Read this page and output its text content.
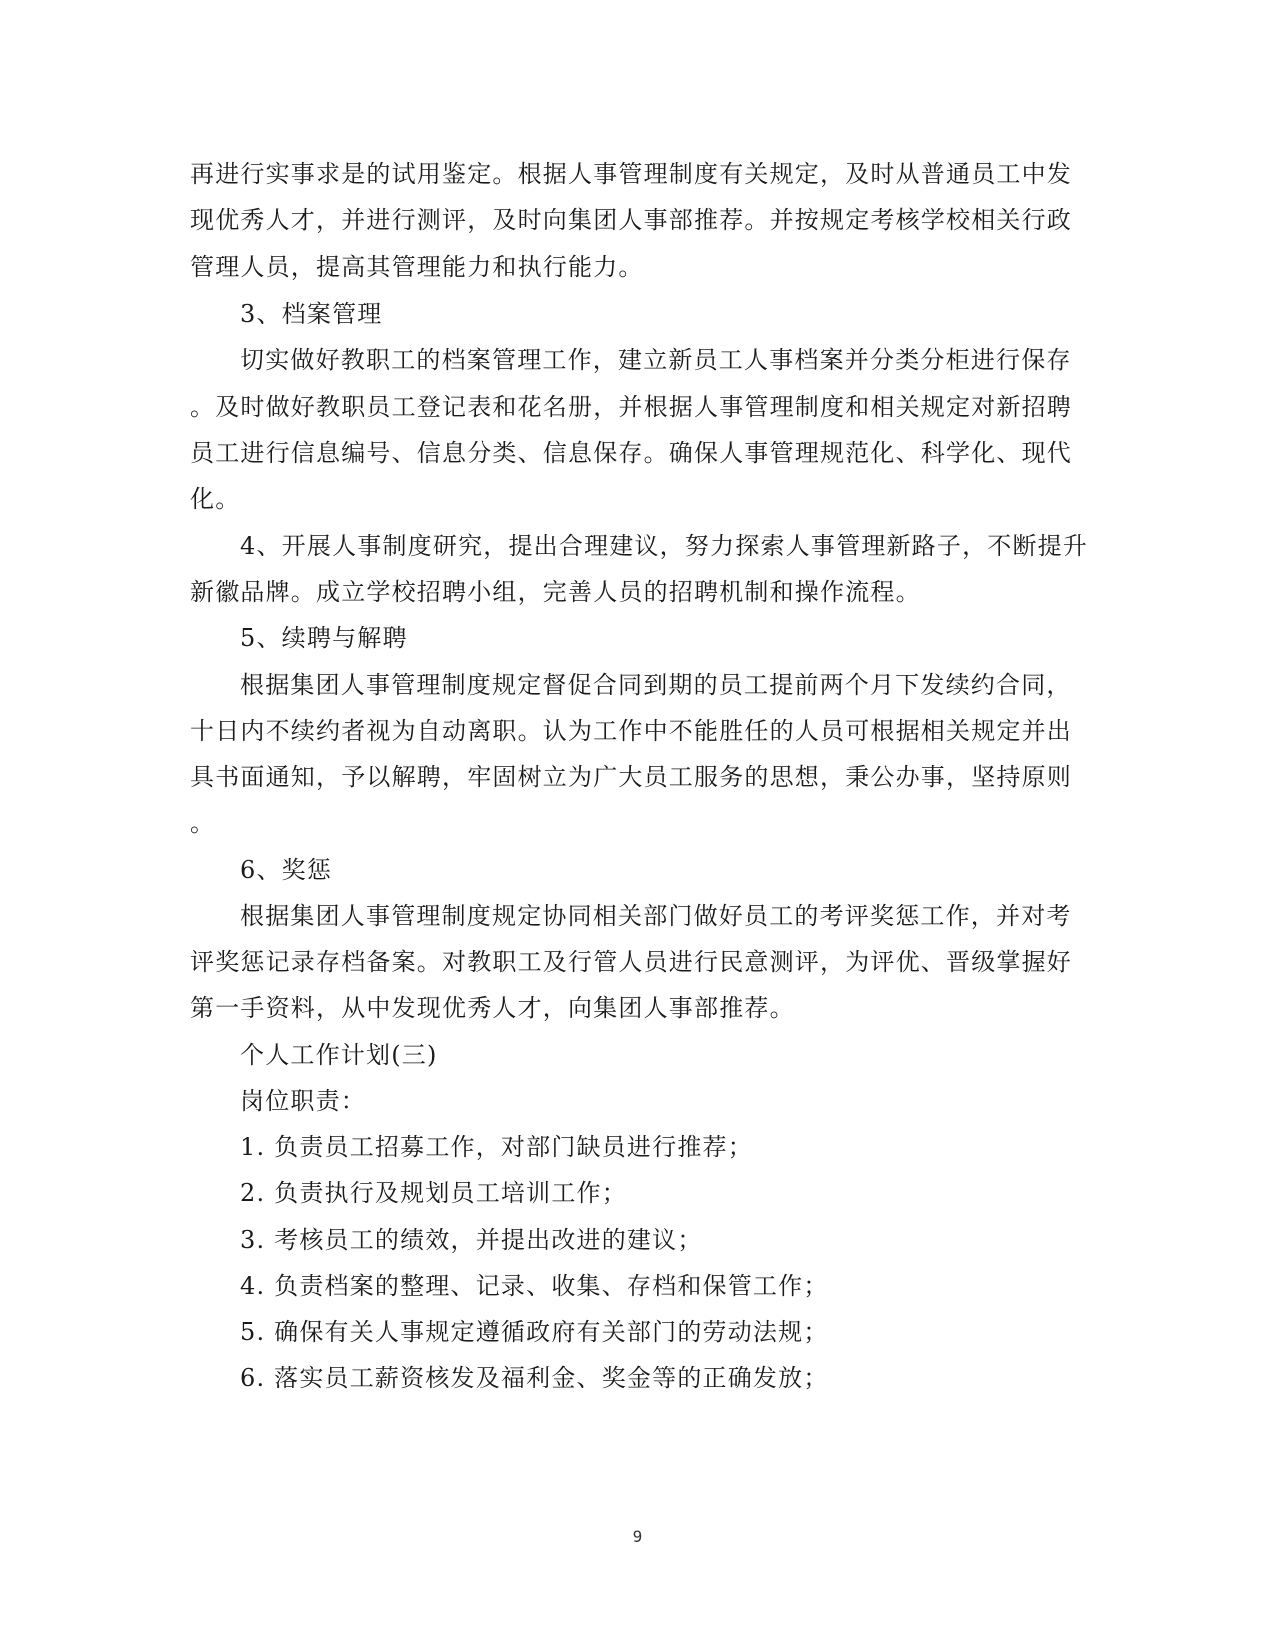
再进行实事求是的试用鉴定。根据人事管理制度有关规定，及时从普通员工中发
现优秀人才，并进行测评，及时向集团人事部推荐。并按规定考核学校相关行政
管理人员，提高其管理能力和执行能力。
3、档案管理
切实做好教职工的档案管理工作，建立新员工人事档案并分类分柜进行保存
。及时做好教职员工登记表和花名册，并根据人事管理制度和相关规定对新招聘
员工进行信息编号、信息分类、信息保存。确保人事管理规范化、科学化、现代
化。
4、开展人事制度研究，提出合理建议，努力探索人事管理新路子，不断提升
新徽品牌。成立学校招聘小组，完善人员的招聘机制和操作流程。
5、续聘与解聘
根据集团人事管理制度规定督促合同到期的员工提前两个月下发续约合同，
十日内不续约者视为自动离职。认为工作中不能胜任的人员可根据相关规定并出
具书面通知，予以解聘，牢固树立为广大员工服务的思想，秉公办事，坚持原则
。
6、奖惩
根据集团人事管理制度规定协同相关部门做好员工的考评奖惩工作，并对考
评奖惩记录存档备案。对教职工及行管人员进行民意测评，为评优、晋级掌握好
第一手资料，从中发现优秀人才，向集团人事部推荐。
个人工作计划(三)
岗位职责：
1. 负责员工招募工作，对部门缺员进行推荐；
2. 负责执行及规划员工培训工作；
3. 考核员工的绩效，并提出改进的建议；
4. 负责档案的整理、记录、收集、存档和保管工作；
5. 确保有关人事规定遵循政府有关部门的劳动法规；
6. 落实员工薪资核发及福利金、奖金等的正确发放；
9
